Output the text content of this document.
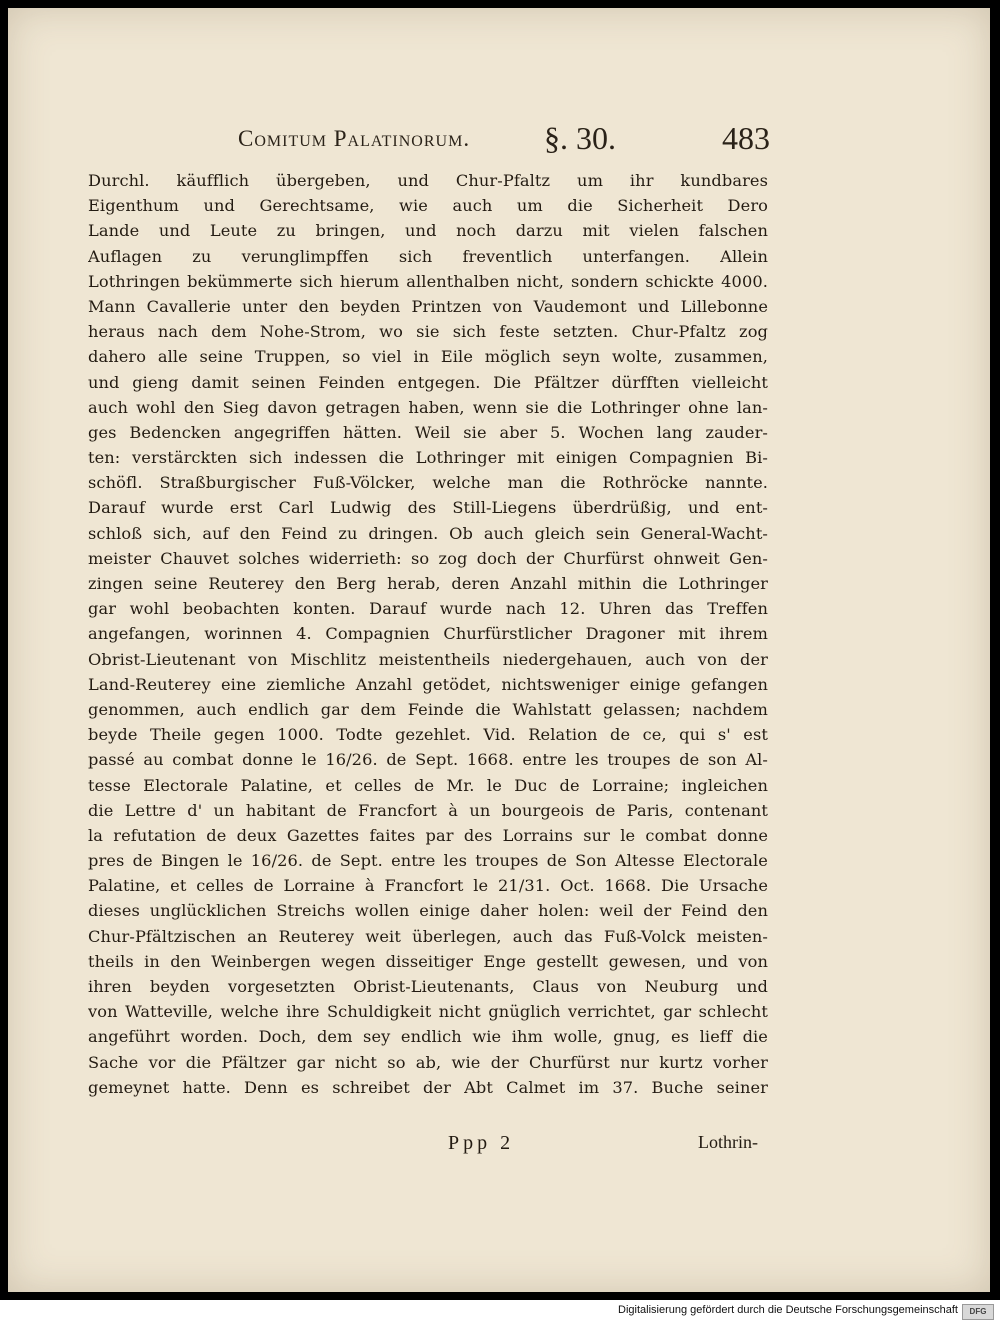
Comitum Palatinorum. §. 30.	483
Durchl. käufflich übergeben, und Chur-Pfaltz um ihr kundbares
Eigenthum und Gerechtsame, wie auch um die Sicherheit Dero
Lande und Leute zu bringen, und noch darzu mit vielen falschen
Auflagen zu verunglimpffen sich freventlich unterfangen. Allein
Lothringen bekümmerte sich hierum allenthalben nicht, sondern schickte 4000.
Mann Cavallerie unter den beyden Printzen von Vaudemont und Lillebonne
heraus nach dem Nohe-Strom, wo sie sich feste setzten. Chur-Pfaltz zog
dahero alle seine Truppen, so viel in Eile möglich seyn wolte, zusammen,
und gieng damit seinen Feinden entgegen. Die Pfältzer dürfften vielleicht
auch wohl den Sieg davon getragen haben, wenn sie die Lothringer ohne lan-
ges Bedencken angegriffen hätten. Weil sie aber 5. Wochen lang zauder-
ten: verstärckten sich indessen die Lothringer mit einigen Compagnien Bi-
schöfl. Straßburgischer Fuß-Völcker, welche man die Rothröcke nannte.
Darauf wurde erst Carl Ludwig des Still-Liegens überdrüßig, und ent-
schloß sich, auf den Feind zu dringen. Ob auch gleich sein General-Wacht-
meister Chauvet solches widerrieth: so zog doch der Churfürst ohnweit Gen-
zingen seine Reuterey den Berg herab, deren Anzahl mithin die Lothringer
gar wohl beobachten konten. Darauf wurde nach 12. Uhren das Treffen
angefangen, worinnen 4. Compagnien Churfürstlicher Dragoner mit ihrem
Obrist-Lieutenant von Mischlitz meistentheils niedergehauen, auch von der
Land-Reuterey eine ziemliche Anzahl getödet, nichtsweniger einige gefangen
genommen, auch endlich gar dem Feinde die Wahlstatt gelassen; nachdem
beyde Theile gegen 1000. Todte gezehlet. Vid. Relation de ce, qui s' est
passé au combat donne le 16/26. de Sept. 1668. entre les troupes de son Al-
tesse Electorale Palatine, et celles de Mr. le Duc de Lorraine; ingleichen
die Lettre d' un habitant de Francfort à un bourgeois de Paris, contenant
la refutation de deux Gazettes faites par des Lorrains sur le combat donne
pres de Bingen le 16/26. de Sept. entre les troupes de Son Altesse Electorale
Palatine, et celles de Lorraine à Francfort le 21/31. Oct. 1668. Die Ursache
dieses unglücklichen Streichs wollen einige daher holen: weil der Feind den
Chur-Pfältzischen an Reuterey weit überlegen, auch das Fuß-Volck meisten-
theils in den Weinbergen wegen disseitiger Enge gestellt gewesen, und von
ihren beyden vorgesetzten Obrist-Lieutenants, Claus von Neuburg und
von Watteville, welche ihre Schuldigkeit nicht gnüglich verrichtet, gar schlecht
angeführt worden. Doch, dem sey endlich wie ihm wolle, gnug, es lieff die
Sache vor die Pfältzer gar nicht so ab, wie der Churfürst nur kurtz vorher
gemeynet hatte. Denn es schreibet der Abt Calmet im 37. Buche seiner
Ppp 2	Lothrin-
Digitalisierung gefördert durch die Deutsche Forschungsgemeinschaft	DFG
